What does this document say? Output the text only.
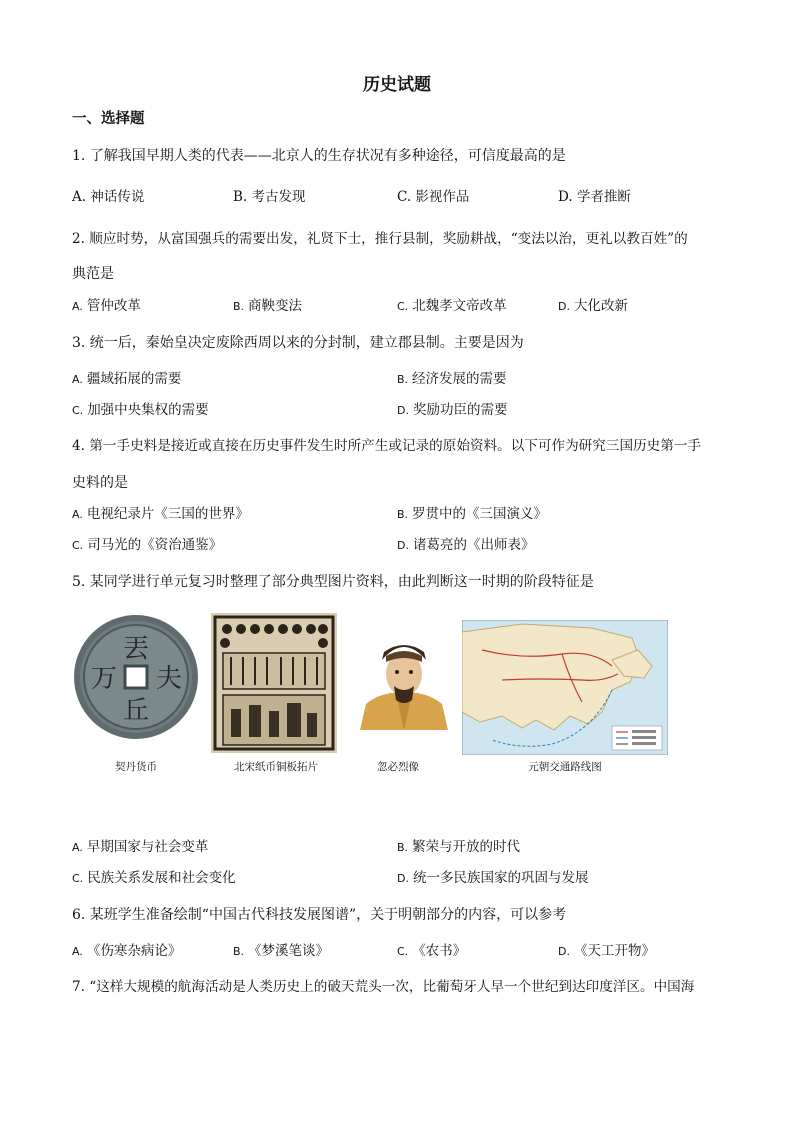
历史试题
一、选择题
1. 了解我国早期人类的代表——北京人的生存状况有多种途径，可信度最高的是
A. 神话传说	B. 考古发现	C. 影视作品	D. 学者推断
2. 顺应时势，从富国强兵的需要出发，礼贤下士，推行县制，奖励耕战，“变法以治，更礼以教百姓”的
典范是
A. 管仲改革	B. 商鞅变法	C. 北魏孝文帝改革	D. 大化改新
3. 统一后，秦始皇决定废除西周以来的分封制，建立郡县制。主要是因为
A. 疆域拓展的需要	B. 经济发展的需要
C. 加强中央集权的需要	D. 奖励功臣的需要
4. 第一手史料是接近或直接在历史事件发生时所产生或记录的原始资料。以下可作为研究三国历史第一手
史料的是
A. 电视纪录片《三国的世界》	B. 罗贯中的《三国演义》
C. 司马光的《资治通鉴》	D. 诸葛亮的《出师表》
5. 某同学进行单元复习时整理了部分典型图片资料，由此判断这一时期的阶段特征是
丟
夫
万
丘
契丹货币	北宋纸币铜板拓片	忽必烈像	元朝交通路线图
A. 早期国家与社会变革	B. 繁荣与开放的时代
C. 民族关系发展和社会变化	D. 统一多民族国家的巩固与发展
6. 某班学生准备绘制“中国古代科技发展图谱”，关于明朝部分的内容，可以参考
A. 《伤寒杂病论》	B. 《梦溪笔谈》	C. 《农书》	D. 《天工开物》
7. “这样大规模的航海活动是人类历史上的破天荒头一次，比葡萄牙人早一个世纪到达印度洋区。中国海
